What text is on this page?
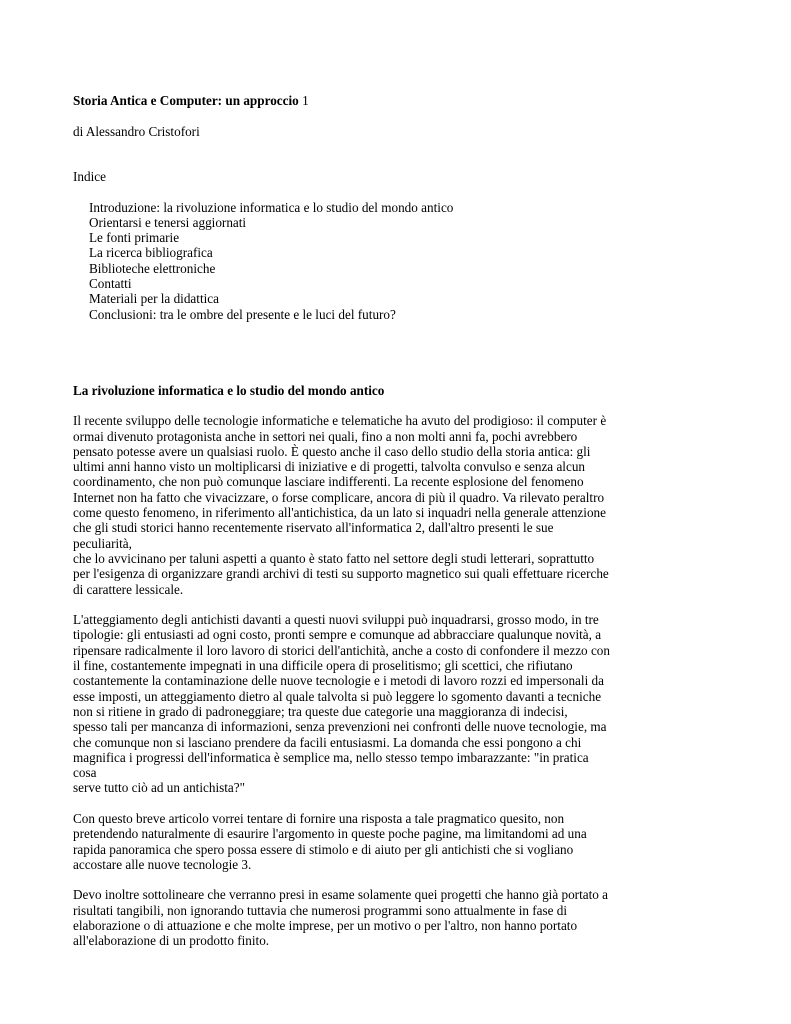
Storia Antica e Computer: un approccio 1
di Alessandro Cristofori
Indice
Introduzione: la rivoluzione informatica e lo studio del mondo antico
Orientarsi e tenersi aggiornati
Le fonti primarie
La ricerca bibliografica
Biblioteche elettroniche
Contatti
Materiali per la didattica
Conclusioni: tra le ombre del presente e le luci del futuro?
La rivoluzione informatica e lo studio del mondo antico

Il recente sviluppo delle tecnologie informatiche e telematiche ha avuto del prodigioso: il computer è

ormai divenuto protagonista anche in settori nei quali, fino a non molti anni fa, pochi avrebbero

pensato potesse avere un qualsiasi ruolo. È questo anche il caso dello studio della storia antica: gli

ultimi anni hanno visto un moltiplicarsi di iniziative e di progetti, talvolta convulso e senza alcun

coordinamento, che non può comunque lasciare indifferenti. La recente esplosione del fenomeno

Internet non ha fatto che vivacizzare, o forse complicare, ancora di più il quadro. Va rilevato peraltro

come questo fenomeno, in riferimento all'antichistica, da un lato si inquadri nella generale attenzione

che gli studi storici hanno recentemente riservato all'informatica 2, dall'altro presenti le sue peculiarità,

che lo avvicinano per taluni aspetti a quanto è stato fatto nel settore degli studi letterari, soprattutto

per l'esigenza di organizzare grandi archivi di testi su supporto magnetico sui quali effettuare ricerche

di carattere lessicale.

L'atteggiamento degli antichisti davanti a questi nuovi sviluppi può inquadrarsi, grosso modo, in tre

tipologie: gli entusiasti ad ogni costo, pronti sempre e comunque ad abbracciare qualunque novità, a

ripensare radicalmente il loro lavoro di storici dell'antichità, anche a costo di confondere il mezzo con

il fine, costantemente impegnati in una difficile opera di proselitismo; gli scettici, che rifiutano

costantemente la contaminazione delle nuove tecnologie e i metodi di lavoro rozzi ed impersonali da

esse imposti, un atteggiamento dietro al quale talvolta si può leggere lo sgomento davanti a tecniche

non si ritiene in grado di padroneggiare; tra queste due categorie una maggioranza di indecisi,

spesso tali per mancanza di informazioni, senza prevenzioni nei confronti delle nuove tecnologie, ma

che comunque non si lasciano prendere da facili entusiasmi. La domanda che essi pongono a chi

magnifica i progressi dell'informatica è semplice ma, nello stesso tempo imbarazzante: "in pratica cosa

serve tutto ciò ad un antichista?"

Con questo breve articolo vorrei tentare di fornire una risposta a tale pragmatico quesito, non

pretendendo naturalmente di esaurire l'argomento in queste poche pagine, ma limitandomi ad una

rapida panoramica che spero possa essere di stimolo e di aiuto per gli antichisti che si vogliano

accostare alle nuove tecnologie 3.

Devo inoltre sottolineare che verranno presi in esame solamente quei progetti che hanno già portato a

risultati tangibili, non ignorando tuttavia che numerosi programmi sono attualmente in fase di

elaborazione o di attuazione e che molte imprese, per un motivo o per l'altro, non hanno portato

all'elaborazione di un prodotto finito.
